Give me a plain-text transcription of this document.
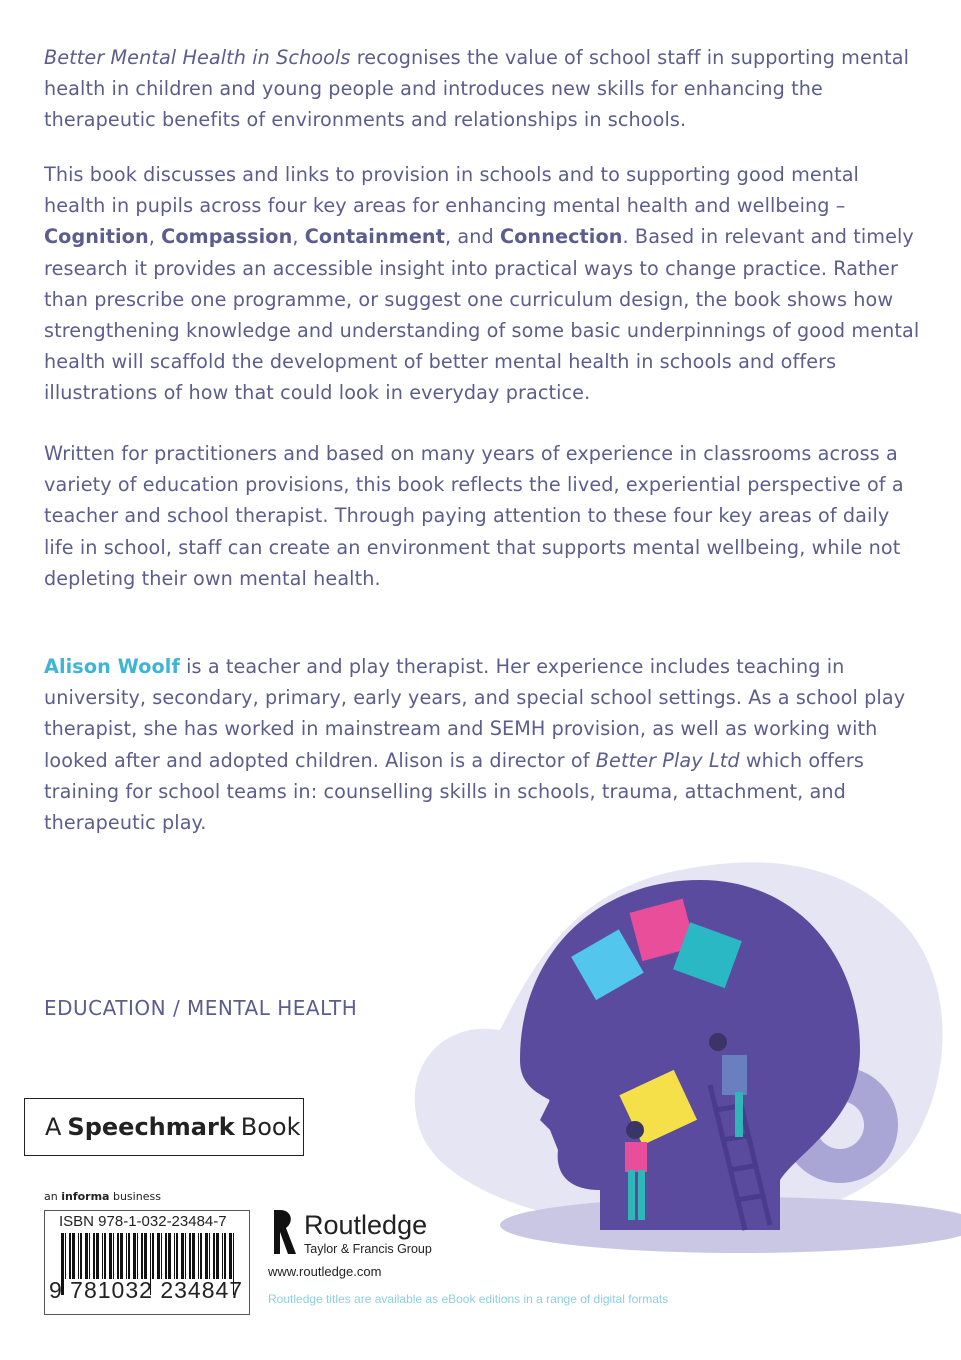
Better Mental Health in Schools recognises the value of school staff in supporting mental health in children and young people and introduces new skills for enhancing the therapeutic benefits of environments and relationships in schools.

This book discusses and links to provision in schools and to supporting good mental health in pupils across four key areas for enhancing mental health and wellbeing – Cognition, Compassion, Containment, and Connection. Based in relevant and timely research it provides an accessible insight into practical ways to change practice. Rather than prescribe one programme, or suggest one curriculum design, the book shows how strengthening knowledge and understanding of some basic underpinnings of good mental health will scaffold the development of better mental health in schools and offers illustrations of how that could look in everyday practice.

Written for practitioners and based on many years of experience in classrooms across a variety of education provisions, this book reflects the lived, experiential perspective of a teacher and school therapist. Through paying attention to these four key areas of daily life in school, staff can create an environment that supports mental wellbeing, while not depleting their own mental health.

Alison Woolf is a teacher and play therapist. Her experience includes teaching in university, secondary, primary, early years, and special school settings. As a school play therapist, she has worked in mainstream and SEMH provision, as well as working with looked after and adopted children. Alison is a director of Better Play Ltd which offers training for school teams in: counselling skills in schools, trauma, attachment, and therapeutic play.

EDUCATION / MENTAL HEALTH
A Speechmark Book
an informa business
ISBN 978-1-032-23484-7
9 781032 234847
Routledge
Taylor & Francis Group
www.routledge.com
Routledge titles are available as eBook editions in a range of digital formats
